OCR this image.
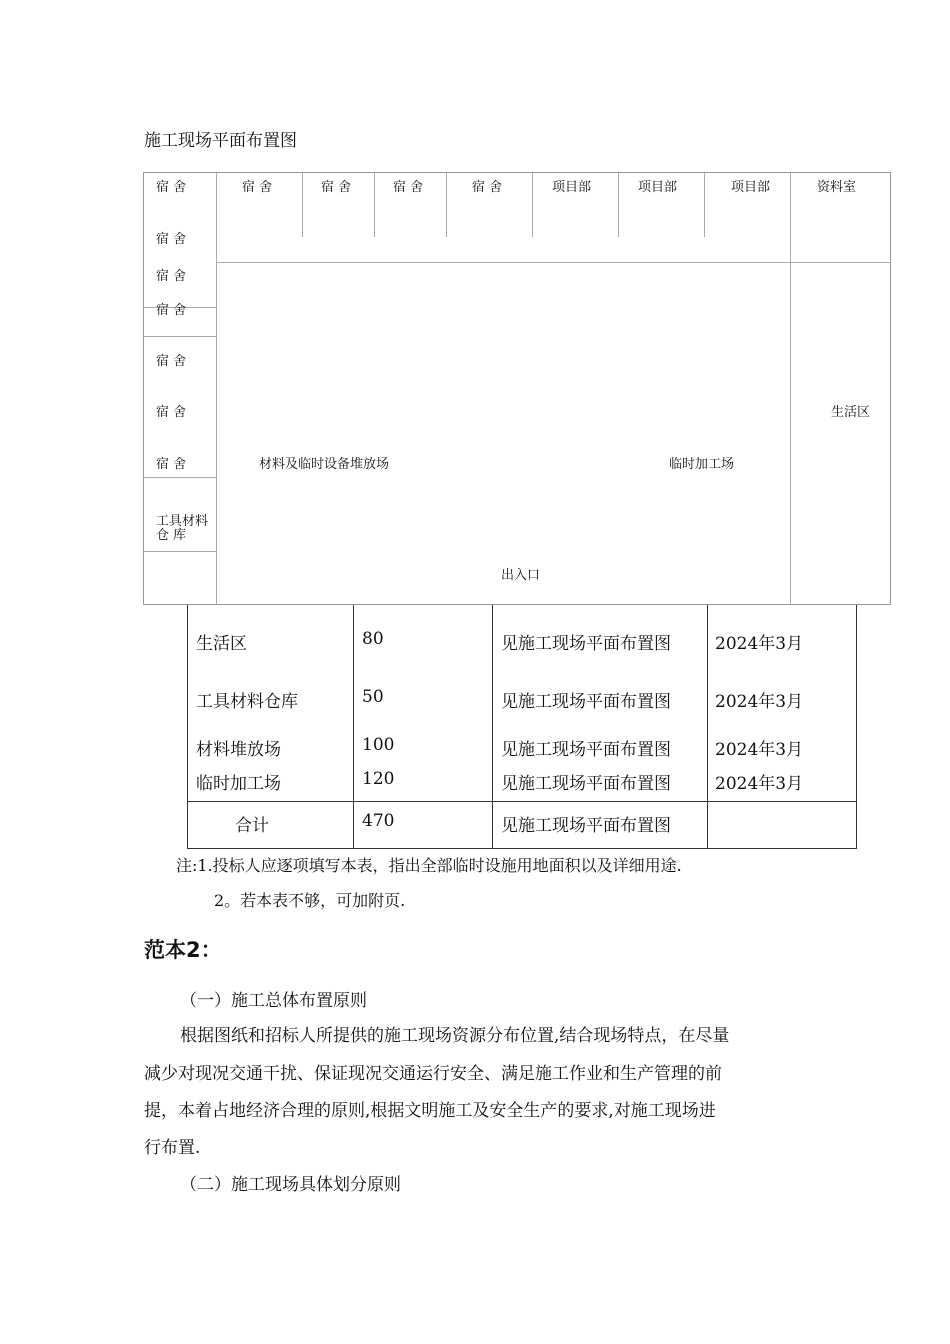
施工现场平面布置图
宿 舍	宿 舍	宿 舍	宿 舍	宿 舍	项目部	项目部	项目部	资料室
宿 舍
宿 舍
宿 舍
宿 舍
宿 舍
宿 舍
工具材料
仓 库
材料及临时设备堆放场	临时加工场
生活区
出入口
生活区	80	见施工现场平面布置图	2024年3月
工具材料仓库	50	见施工现场平面布置图	2024年3月
材料堆放场	100	见施工现场平面布置图	2024年3月
临时加工场	120	见施工现场平面布置图	2024年3月
合计	470	见施工现场平面布置图
注:1.投标人应逐项填写本表，指出全部临时设施用地面积以及详细用途.
2。若本表不够，可加附页.
范本2：
（一）施工总体布置原则
根据图纸和招标人所提供的施工现场资源分布位置,结合现场特点，在尽量
减少对现况交通干扰、保证现况交通运行安全、满足施工作业和生产管理的前
提，本着占地经济合理的原则,根据文明施工及安全生产的要求,对施工现场进
行布置.
（二）施工现场具体划分原则
